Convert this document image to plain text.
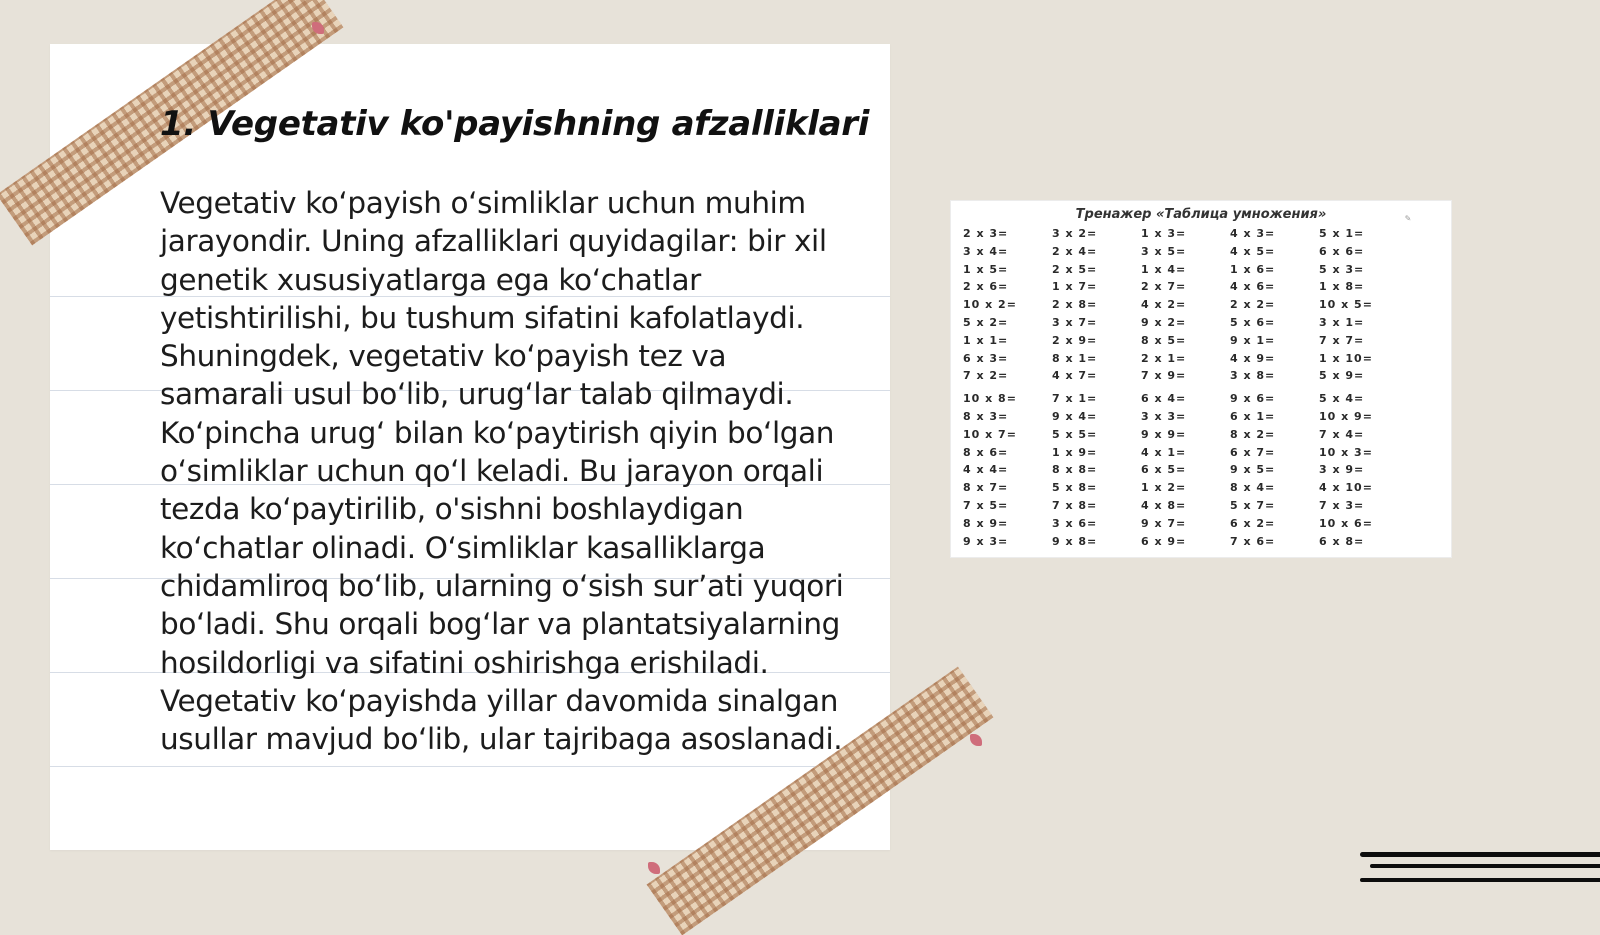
1. Vegetativ ko'payishning afzalliklari
Vegetativ ko‘payish o‘simliklar uchun muhim jarayondir. Uning afzalliklari quyidagilar: bir xil genetik xususiyatlarga ega ko‘chatlar yetishtirilishi, bu tushum sifatini kafolatlaydi. Shuningdek, vegetativ ko‘payish tez va samarali usul bo‘lib, urug‘lar talab qilmaydi. Ko‘pincha urug‘ bilan ko‘paytirish qiyin bo‘lgan o‘simliklar uchun qo‘l keladi. Bu jarayon orqali tezda ko‘paytirilib, o'sishni boshlaydigan ko‘chatlar olinadi. O‘simliklar kasalliklarga chidamliroq bo‘lib, ularning o‘sish sur’ati yuqori bo‘ladi. Shu orqali bog‘lar va plantatsiyalarning hosildorligi va sifatini oshirishga erishiladi. Vegetativ ko‘payishda yillar davomida sinalgan usullar mavjud bo‘lib, ular tajribaga asoslanadi.
Тренажер «Таблица умножения»	✎
2 x 3=
3 x 4=
1 x 5=
2 x 6=
10 x 2=
5 x 2=
1 x 1=
6 x 3=
7 x 2=
10 x 8=
8 x 3=
10 x 7=
8 x 6=
4 x 4=
8 x 7=
7 x 5=
8 x 9=
9 x 3=
3 x 2=
2 x 4=
2 x 5=
1 x 7=
2 x 8=
3 x 7=
2 x 9=
8 x 1=
4 x 7=
7 x 1=
9 x 4=
5 x 5=
1 x 9=
8 x 8=
5 x 8=
7 x 8=
3 x 6=
9 x 8=
1 x 3=
3 x 5=
1 x 4=
2 x 7=
4 x 2=
9 x 2=
8 x 5=
2 x 1=
7 x 9=
6 x 4=
3 x 3=
9 x 9=
4 x 1=
6 x 5=
1 x 2=
4 x 8=
9 x 7=
6 x 9=
4 x 3=
4 x 5=
1 x 6=
4 x 6=
2 x 2=
5 x 6=
9 x 1=
4 x 9=
3 x 8=
9 x 6=
6 x 1=
8 x 2=
6 x 7=
9 x 5=
8 x 4=
5 x 7=
6 x 2=
7 x 6=
5 x 1=
6 x 6=
5 x 3=
1 x 8=
10 x 5=
3 x 1=
7 x 7=
1 x 10=
5 x 9=
5 x 4=
10 x 9=
7 x 4=
10 x 3=
3 x 9=
4 x 10=
7 x 3=
10 x 6=
6 x 8=
